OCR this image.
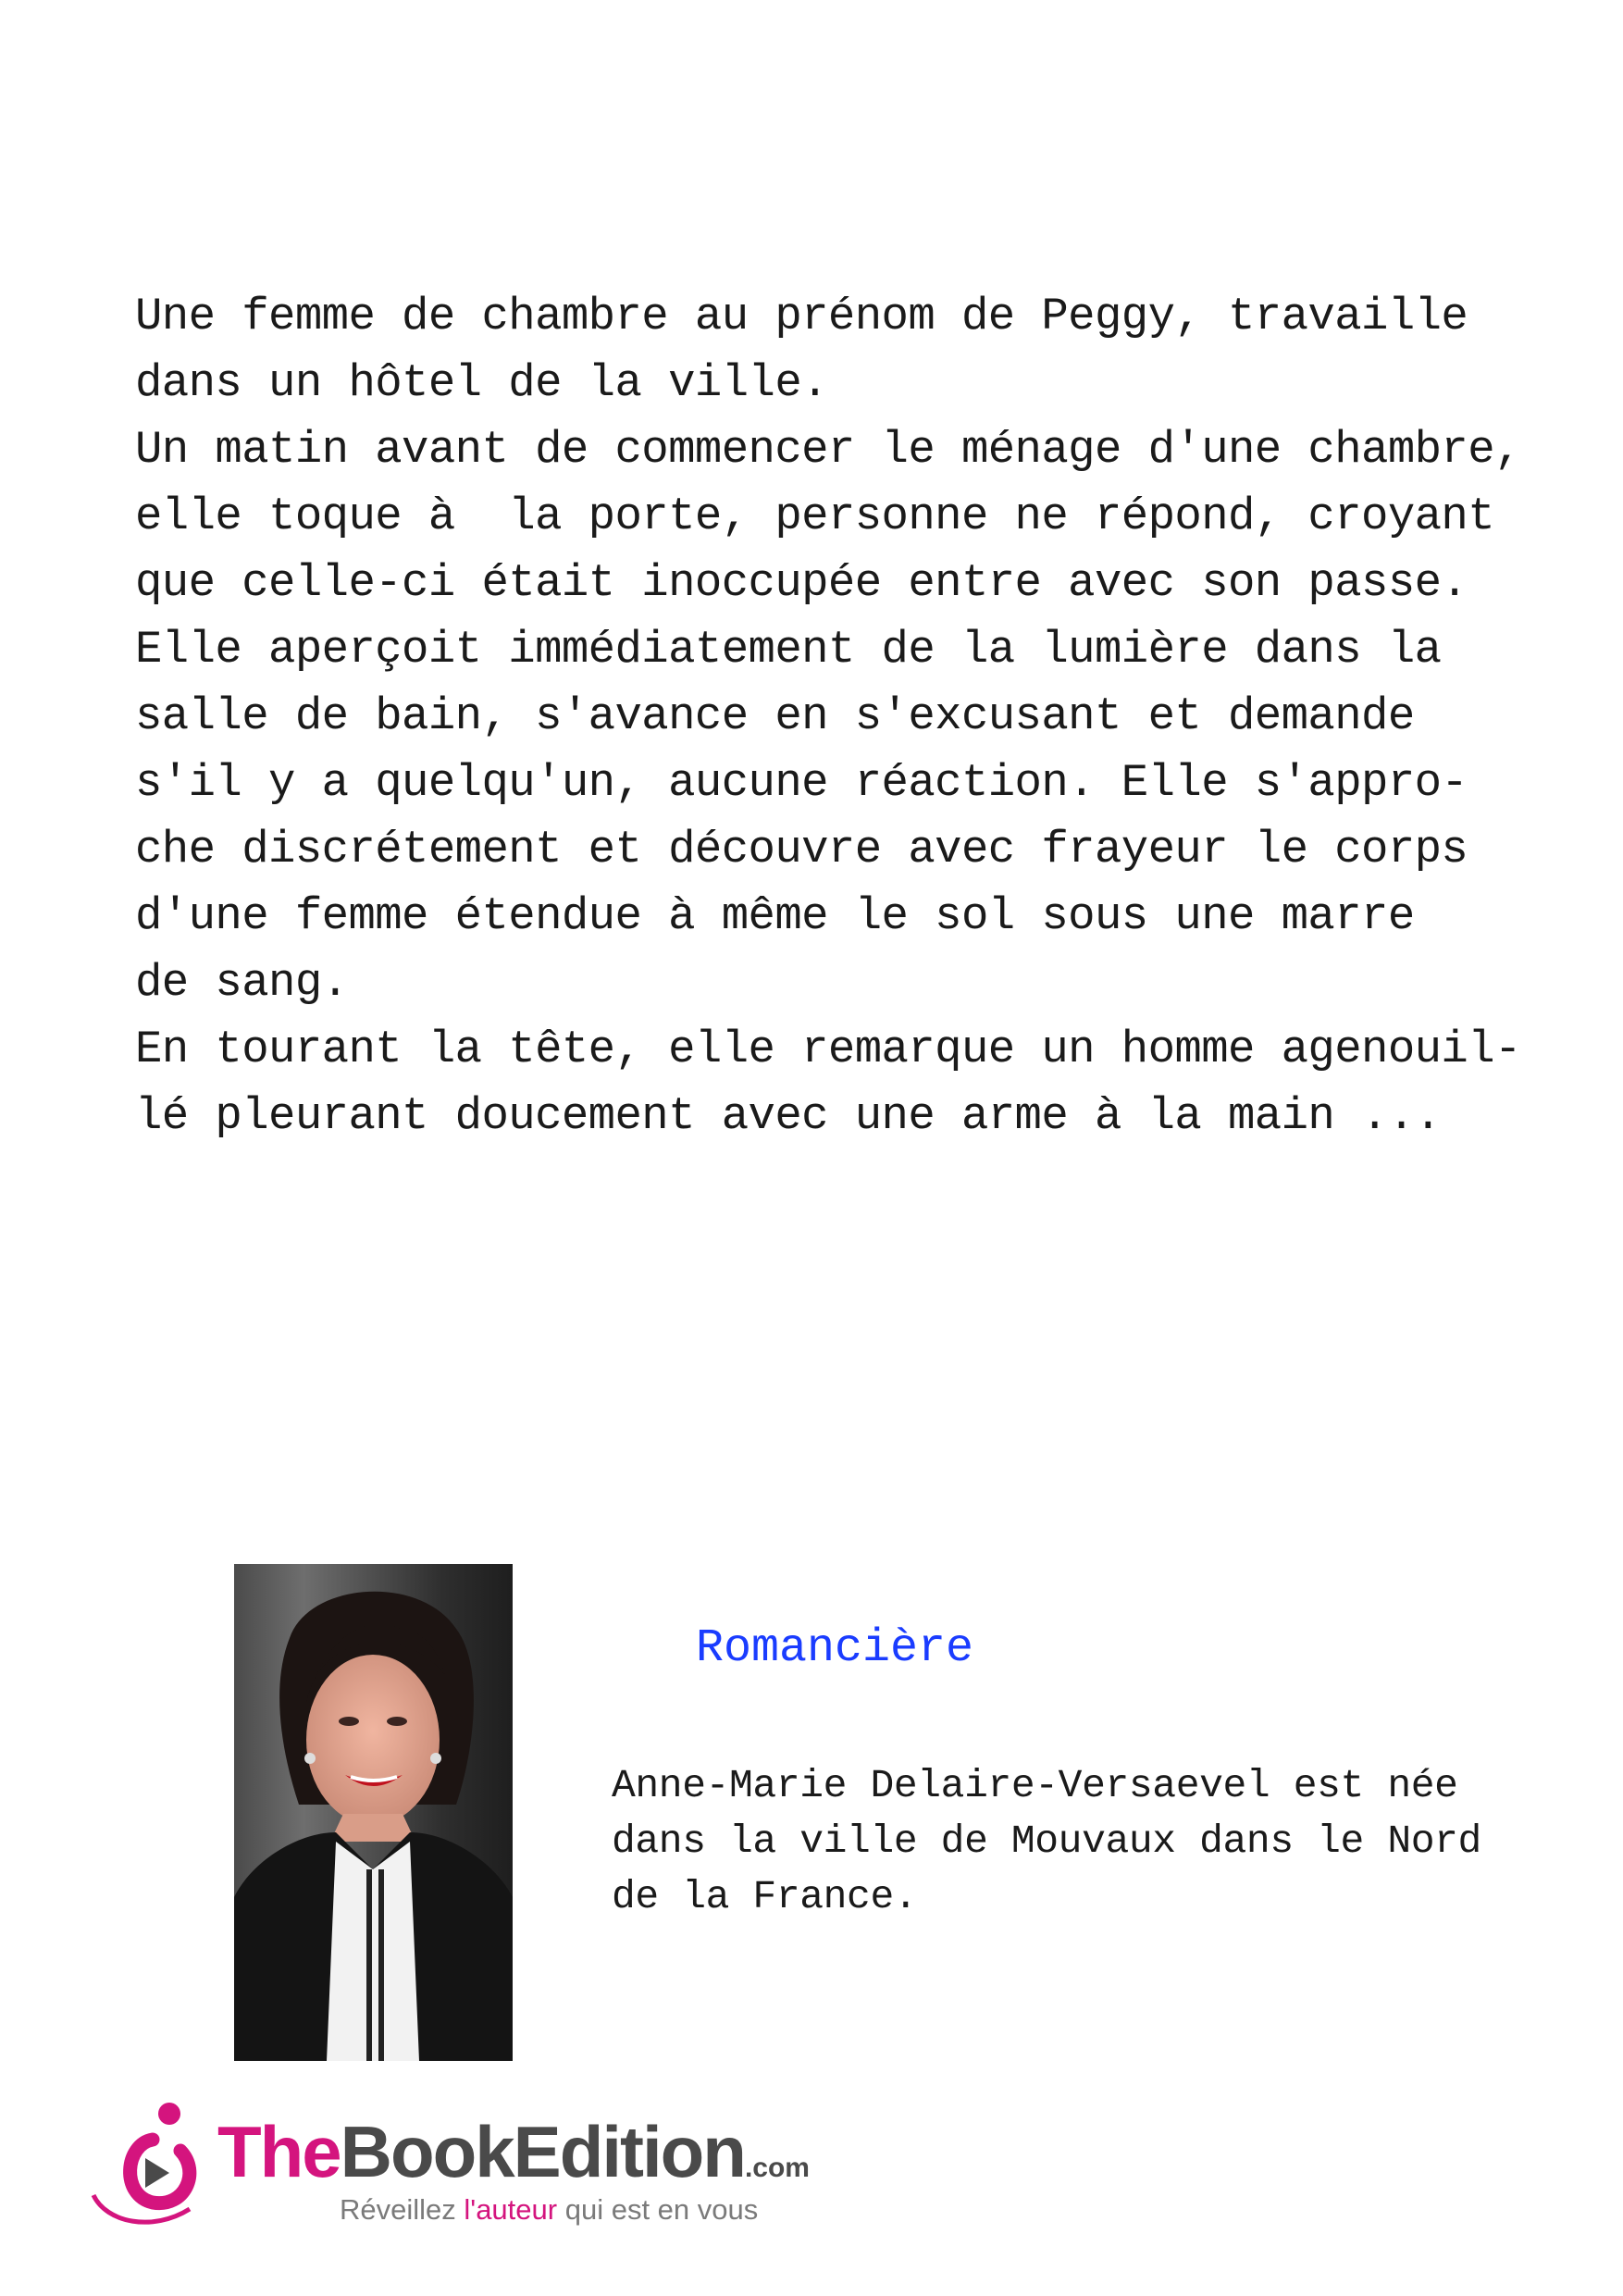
Une femme de chambre au prénom de Peggy, travaille
dans un hôtel de la ville.
Un matin avant de commencer le ménage d'une chambre,
elle toque à  la porte, personne ne répond, croyant
que celle-ci était inoccupée entre avec son passe.
Elle aperçoit immédiatement de la lumière dans la
salle de bain, s'avance en s'excusant et demande
s'il y a quelqu'un, aucune réaction. Elle s'appro-
che discrétement et découvre avec frayeur le corps
d'une femme étendue à même le sol sous une marre
de sang.
En tourant la tête, elle remarque un homme agenouil-
lé pleurant doucement avec une arme à la main ...
Romancière
Anne-Marie Delaire-Versaevel est née
dans la ville de Mouvaux dans le Nord
de la France.
TheBookEdition.com
Réveillez l'auteur qui est en vous
